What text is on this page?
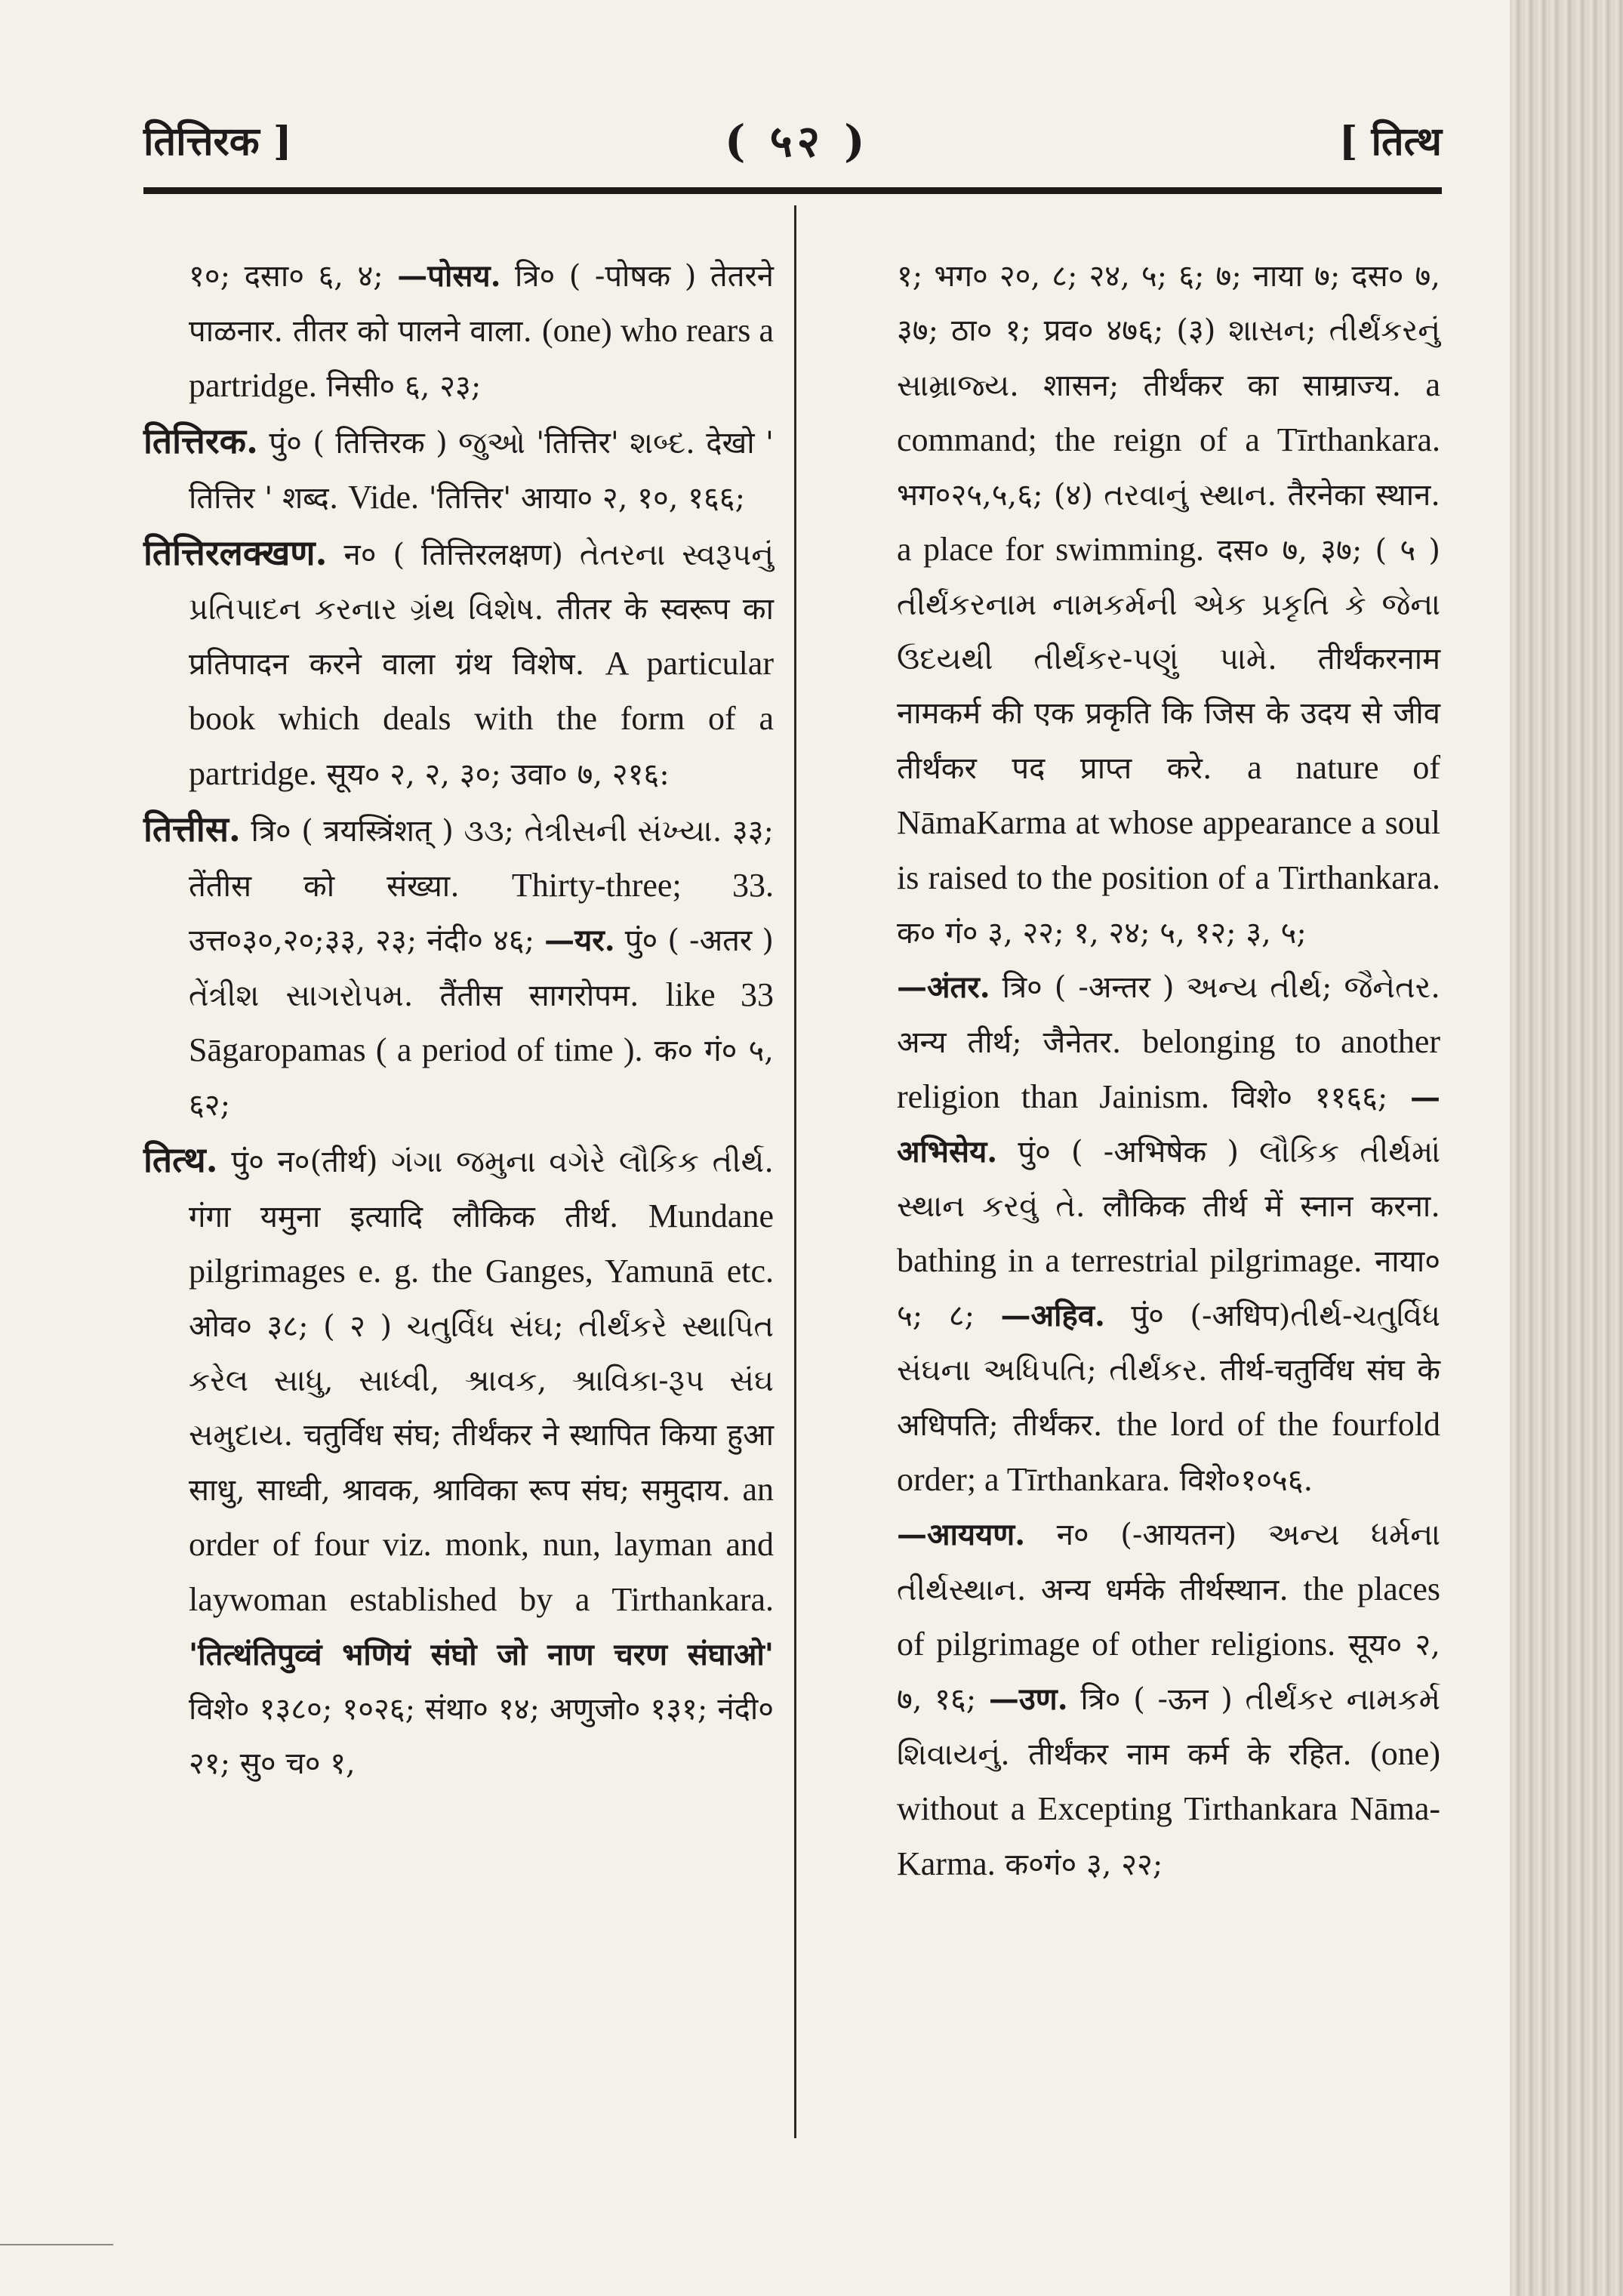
तित्तिरक ]	( ५२ )	[ तित्थ

१०; दसा० ६, ४; —पोसय. त्रि० ( -पोषक ) तेतरने पाळनार. तीतर को पालने वाला. (one) who rears a partridge. निसी० ६, २३;

तित्तिरक. पुं० ( तित्तिरक ) જુઓ 'तित्तिर' શબ્દ. देखो ' तित्तिर ' शब्द. Vide. 'तित्तिर' आया० २, १०, १६६;

तित्तिरलक्खण. न० ( तित्तिरलक्षण) તેતરના સ્વરૂપનું પ્રતિપાદન કરનાર ગ્રંથ વિશેષ. तीतर के स्वरूप का प्रतिपादन करने वाला ग्रंथ विशेष. A particular book which deals with the form of a partridge. सूय० २, २, ३०; उवा० ७, २१६:

तित्तीस. त्रि० ( त्रयस्त्रिंशत् ) ૩૩; તેત્રીસની સંખ્યા. ३३; तेंतीस को संख्या. Thirty-three; 33. उत्त०३०,२०;३३, २३; नंदी० ४६; —यर. पुं० ( -अतर ) તેંત્રીશ સાગરોપમ. तैंतीस सागरोपम. like 33 Sāgaropamas ( a period of time ). क० गं० ५, ६२;

तित्थ. पुं० न०(तीर्थ) ગંગા જમુના વગેરે લૌકિક તીર્થ. गंगा यमुना इत्यादि लौकिक तीर्थ. Mundane pilgrimages e. g. the Ganges, Yamunā etc. ओव० ३८; ( २ ) ચતુર્વિધ સંઘ; તીર્થંકરે સ્થાપિત કરેલ સાધુ, સાધ્વી, શ્રાવક, શ્રાવિકા-રૂપ સંઘ સમુદાય. चतुर्विध संघ; तीर्थंकर ने स्थापित किया हुआ साधु, साध्वी, श्रावक, श्राविका रूप संघ; समुदाय. an order of four viz. monk, nun, layman and laywoman established by a Tirthankara. 'तित्थंतिपुव्वं भणियं संघो जो नाण चरण संघाओ' विशे० १३८०; १०२६; संथा० १४; अणुजो० १३१; नंदी० २१; सु० च० १,

१; भग० २०, ८; २४, ५; ६; ७; नाया ७; दस० ७, ३७; ठा० १; प्रव० ४७६; (३) શાસન; તીર્થંકરનું સામ્રાજ્ય. शासन; तीर्थंकर का साम्राज्य. a command; the reign of a Tīrthankara. भग०२५,५,६; (४) તરવાનું સ્થાન. तैरनेका स्थान. a place for swimming. दस० ७, ३७; ( ५ ) તીર્થંકરનામ નામકર્મની એક પ્રકૃતિ કે જેના ઉદયથી તીર્થંકર-પણું પામે. तीर्थंकरनाम नामकर्म की एक प्रकृति कि जिस के उदय से जीव तीर्थंकर पद प्राप्त करे. a nature of NāmaKarma at whose appearance a soul is raised to the position of a Tirthankara. क० गं० ३, २२; १, २४; ५, १२; ३, ५;

—अंतर. त्रि० ( -अन्तर ) અન્ય તીર્થ; જૈનેતર. अन्य तीर्थ; जैनेतर. belonging to another religion than Jainism. विशे० ११६६; —अभिसेय. पुं० ( -अभिषेक ) લૌકિક તીર્થમાં સ્થાન કરવું તે. लौकिक तीर्थ में स्नान करना. bathing in a terrestrial pilgrimage. नाया० ५; ८; —अहिव. पुं० (-अधिप)તીર્થ-ચતુર્વિધ સંઘના અધિપતિ; તીર્થંકર. तीर्थ-चतुर्विध संघ के अधिपति; तीर्थंकर. the lord of the fourfold order; a Tīrthankara. विशे०१०५६.

—आययण. न० (-आयतन) અન્ય ધર્મના તીર્થસ્થાન. अन्य धर्मके तीर्थस्थान. the places of pilgrimage of other religions. सूय० २, ७, १६; —उण. त्रि० ( -ऊन ) તીર્થંકર નામકર્મ શિવાયનું. तीर्थंकर नाम कर्म के रहित. (one) without a Excepting Tirthankara Nāma-Karma. क०गं० ३, २२;
